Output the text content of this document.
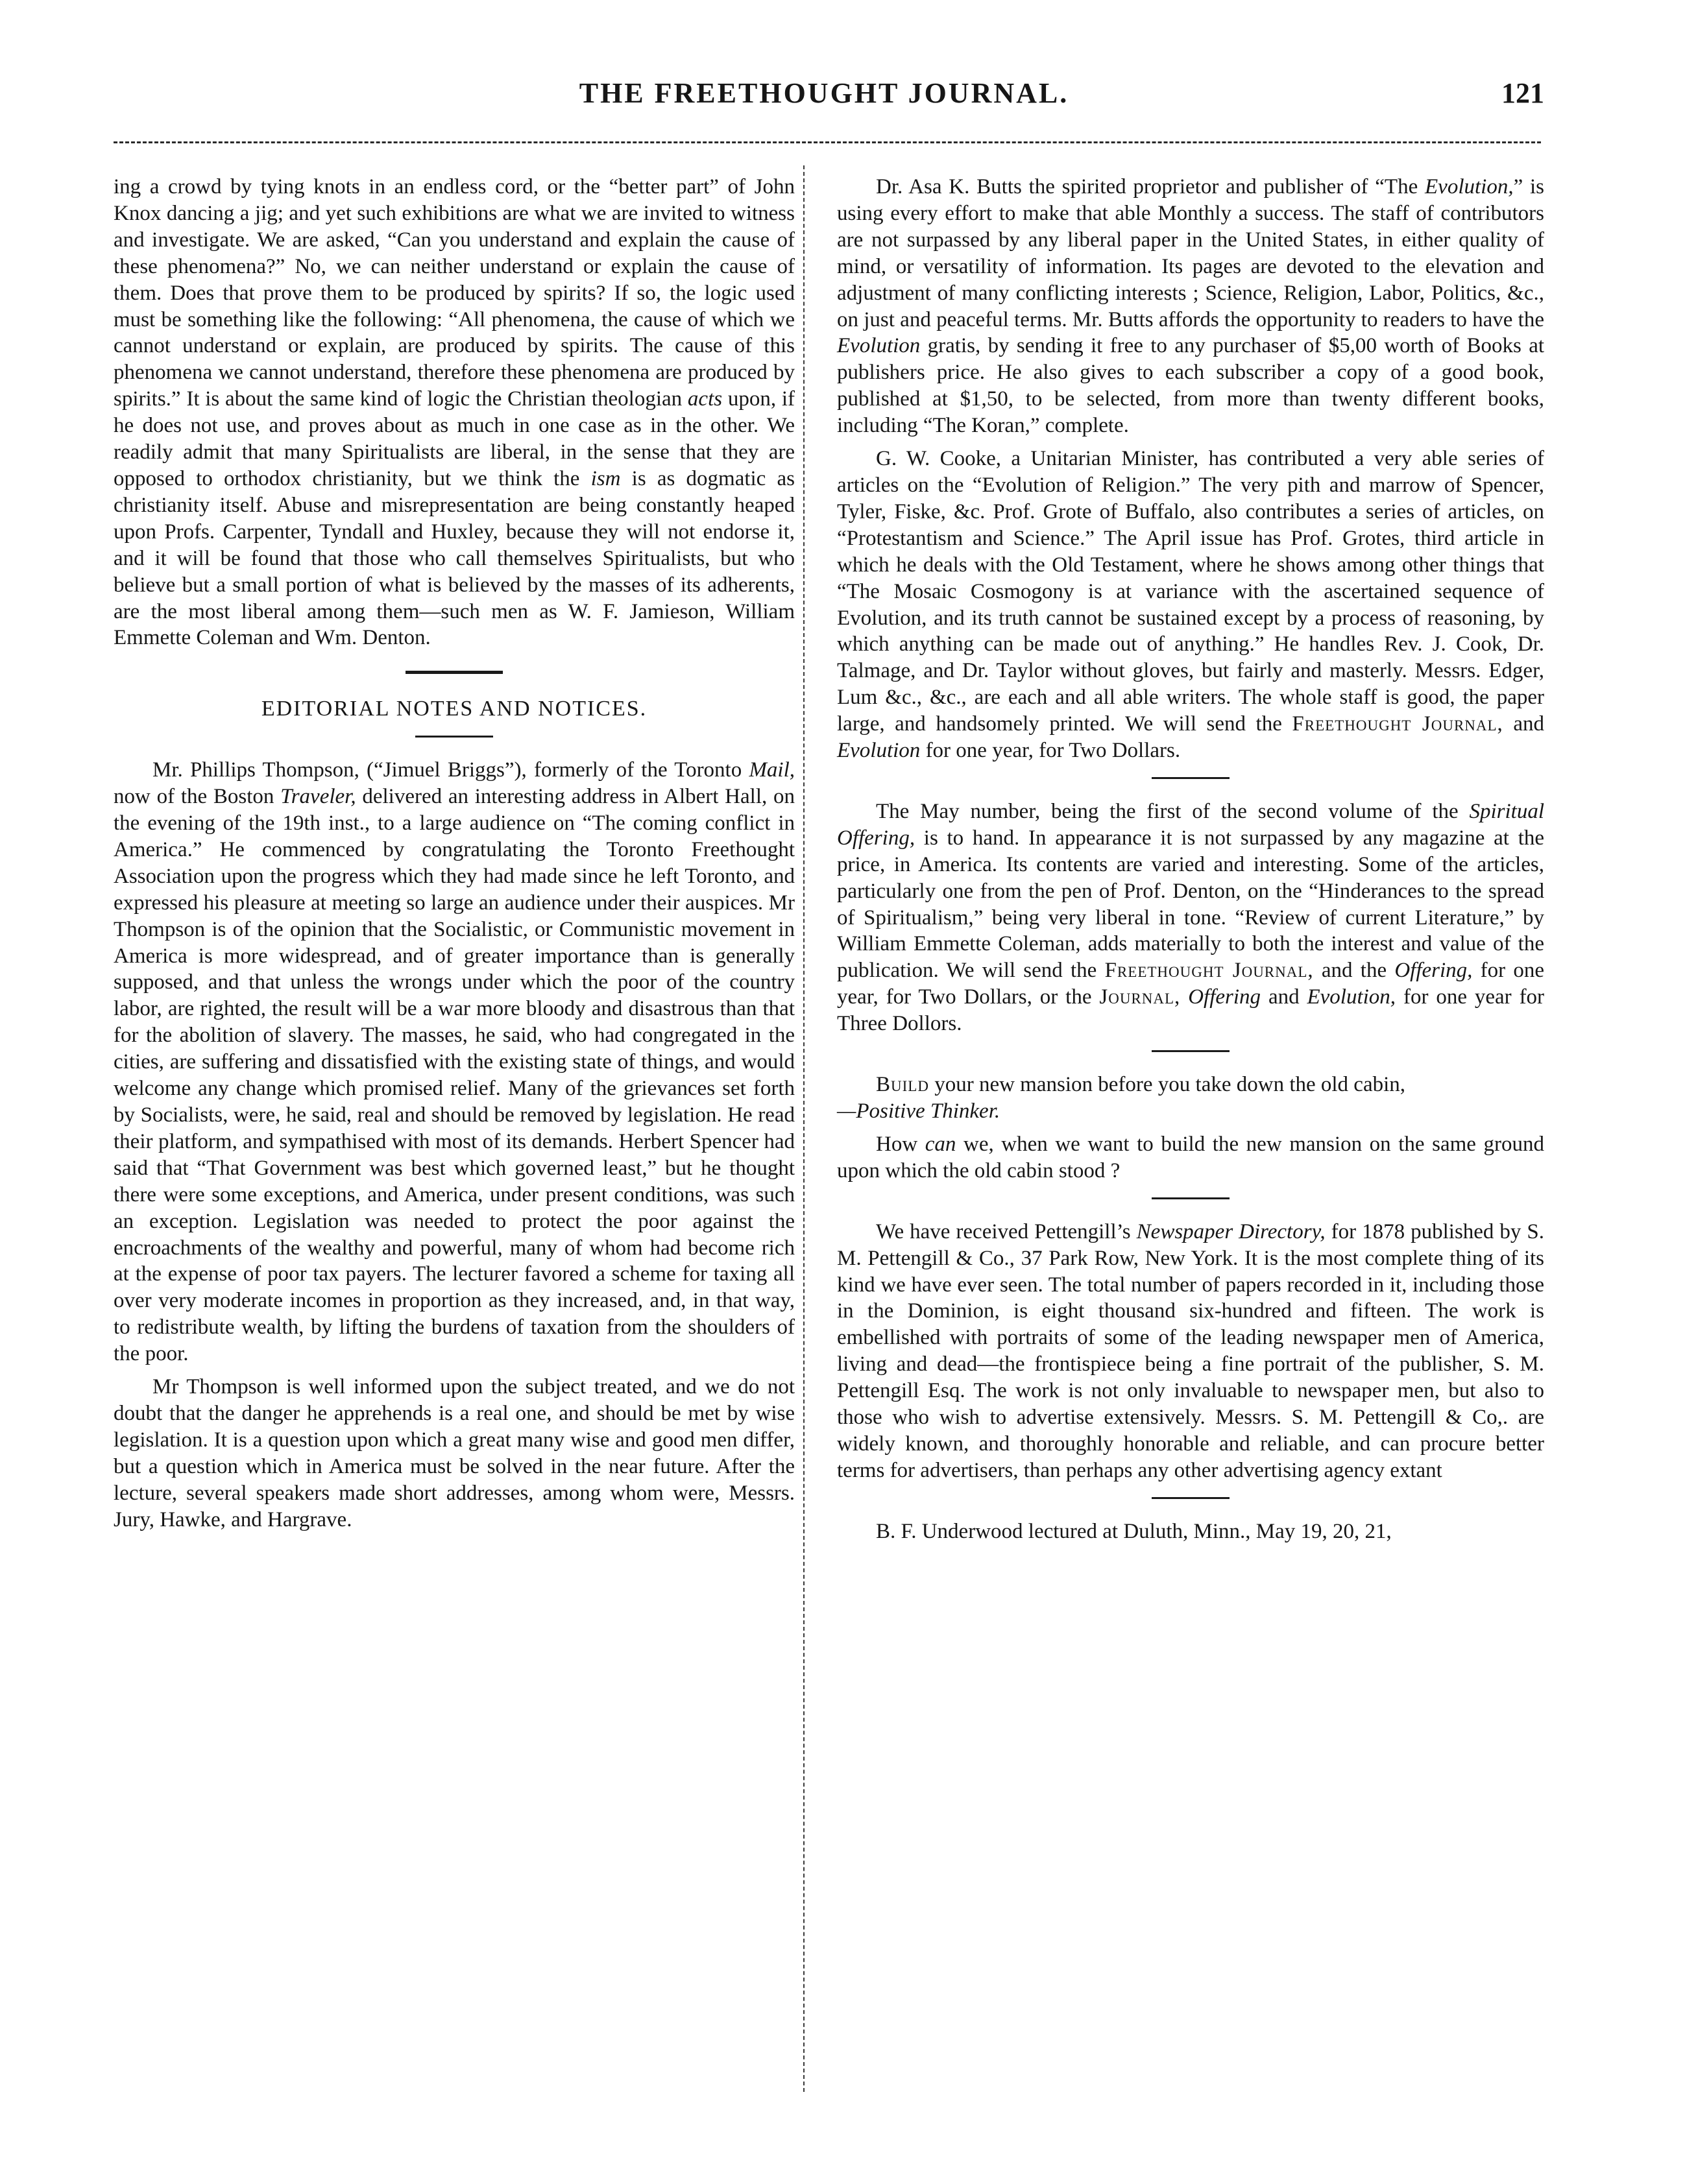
THE FREETHOUGHT JOURNAL.	121

ing a crowd by tying knots in an endless cord, or the “better part” of John Knox dancing a jig; and yet such exhibitions are what we are invited to witness and investigate. We are asked, “Can you understand and explain the cause of these phenomena?” No, we can neither understand or explain the cause of them. Does that prove them to be produced by spirits? If so, the logic used must be something like the following: “All phenomena, the cause of which we cannot understand or explain, are produced by spirits. The cause of this phenomena we cannot understand, therefore these phenomena are produced by spirits.” It is about the same kind of logic the Christian theologian acts upon, if he does not use, and proves about as much in one case as in the other. We readily admit that many Spiritualists are liberal, in the sense that they are opposed to orthodox christianity, but we think the ism is as dogmatic as christianity itself. Abuse and misrepresentation are being constantly heaped upon Profs. Carpenter, Tyndall and Huxley, because they will not endorse it, and it will be found that those who call themselves Spiritualists, but who believe but a small portion of what is believed by the masses of its adherents, are the most liberal among them—such men as W. F. Jamieson, William Emmette Coleman and Wm. Denton.

EDITORIAL NOTES AND NOTICES.

Mr. Phillips Thompson, (“Jimuel Briggs”), formerly of the Toronto Mail, now of the Boston Traveler, delivered an interesting address in Albert Hall, on the evening of the 19th inst., to a large audience on “The coming conflict in America.” He commenced by congratulating the Toronto Freethought Association upon the progress which they had made since he left Toronto, and expressed his pleasure at meeting so large an audience under their auspices. Mr Thompson is of the opinion that the Socialistic, or Communistic movement in America is more widespread, and of greater importance than is generally supposed, and that unless the wrongs under which the poor of the country labor, are righted, the result will be a war more bloody and disastrous than that for the abolition of slavery. The masses, he said, who had congregated in the cities, are suffering and dissatisfied with the existing state of things, and would welcome any change which promised relief. Many of the grievances set forth by Socialists, were, he said, real and should be removed by legislation. He read their platform, and sympathised with most of its demands. Herbert Spencer had said that “That Government was best which governed least,” but he thought there were some exceptions, and America, under present conditions, was such an exception. Legislation was needed to protect the poor against the encroachments of the wealthy and powerful, many of whom had become rich at the expense of poor tax payers. The lecturer favored a scheme for taxing all over very moderate incomes in proportion as they increased, and, in that way, to redistribute wealth, by lifting the burdens of taxation from the shoulders of the poor.

Mr Thompson is well informed upon the subject treated, and we do not doubt that the danger he apprehends is a real one, and should be met by wise legislation. It is a question upon which a great many wise and good men differ, but a question which in America must be solved in the near future. After the lecture, several speakers made short addresses, among whom were, Messrs. Jury, Hawke, and Hargrave.

Dr. Asa K. Butts the spirited proprietor and publisher of “The Evolution,” is using every effort to make that able Monthly a success. The staff of contributors are not surpassed by any liberal paper in the United States, in either quality of mind, or versatility of information. Its pages are devoted to the elevation and adjustment of many conflicting interests ; Science, Religion, Labor, Politics, &c., on just and peaceful terms. Mr. Butts affords the opportunity to readers to have the Evolution gratis, by sending it free to any purchaser of $5,00 worth of Books at publishers price. He also gives to each subscriber a copy of a good book, published at $1,50, to be selected, from more than twenty different books, including “The Koran,” complete.

G. W. Cooke, a Unitarian Minister, has contributed a very able series of articles on the “Evolution of Religion.” The very pith and marrow of Spencer, Tyler, Fiske, &c. Prof. Grote of Buffalo, also contributes a series of articles, on “Protestantism and Science.” The April issue has Prof. Grotes, third article in which he deals with the Old Testament, where he shows among other things that “The Mosaic Cosmogony is at variance with the ascertained sequence of Evolution, and its truth cannot be sustained except by a process of reasoning, by which anything can be made out of anything.” He handles Rev. J. Cook, Dr. Talmage, and Dr. Taylor without gloves, but fairly and masterly. Messrs. Edger, Lum &c., &c., are each and all able writers. The whole staff is good, the paper large, and handsomely printed. We will send the Freethought Journal, and Evolution for one year, for Two Dollars.

The May number, being the first of the second volume of the Spiritual Offering, is to hand. In appearance it is not surpassed by any magazine at the price, in America. Its contents are varied and interesting. Some of the articles, particularly one from the pen of Prof. Denton, on the “Hinderances to the spread of Spiritualism,” being very liberal in tone. “Review of current Literature,” by William Emmette Coleman, adds materially to both the interest and value of the publication. We will send the Freethought Journal, and the Offering, for one year, for Two Dollars, or the Journal, Offering and Evolution, for one year for Three Dollors.

Build your new mansion before you take down the old cabin,
—Positive Thinker.

How can we, when we want to build the new mansion on the same ground upon which the old cabin stood ?

We have received Pettengill’s Newspaper Directory, for 1878 published by S. M. Pettengill & Co., 37 Park Row, New York. It is the most complete thing of its kind we have ever seen. The total number of papers recorded in it, including those in the Dominion, is eight thousand six-hundred and fifteen. The work is embellished with portraits of some of the leading newspaper men of America, living and dead—the frontispiece being a fine portrait of the publisher, S. M. Pettengill Esq. The work is not only invaluable to newspaper men, but also to those who wish to advertise extensively. Messrs. S. M. Pettengill & Co,. are widely known, and thoroughly honorable and reliable, and can procure better terms for advertisers, than perhaps any other advertising agency extant

B. F. Underwood lectured at Duluth, Minn., May 19, 20, 21,
